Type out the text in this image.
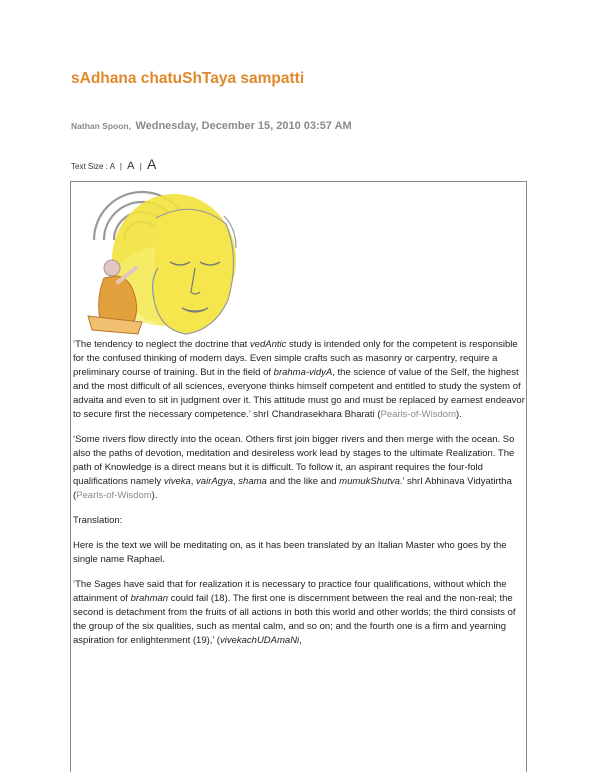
sAdhana chatuShTaya sampatti
Nathan Spoon, Wednesday, December 15, 2010 03:57 AM
Text Size : A | A | A

‘The tendency to neglect the doctrine that vedAntic study is intended only for the competent is responsible for the confused thinking of modern days. Even simple crafts such as masonry or carpentry, require a preliminary course of training. But in the field of brahma-vidyA, the science of value of the Self, the highest and the most difficult of all sciences, everyone thinks himself competent and entitled to study the system of advaita and even to sit in judgment over it. This attitude must go and must be replaced by earnest endeavor to secure first the necessary competence.’ shrI Chandrasekhara Bharati (Pearls-of-Wisdom).

‘Some rivers flow directly into the ocean. Others first join bigger rivers and then merge with the ocean. So also the paths of devotion, meditation and desireless work lead by stages to the ultimate Realization. The path of Knowledge is a direct means but it is difficult. To follow it, an aspirant requires the four-fold qualifications namely viveka, vairAgya, shama and the like and mumukShutva.’ shrI Abhinava Vidyatirtha (Pearls-of-Wisdom).

Translation:

Here is the text we will be meditating on, as it has been translated by an Italian Master who goes by the single name Raphael.

‘The Sages have said that for realization it is necessary to practice four qualifications, without which the attainment of brahman could fail (18). The first one is discernment between the real and the non-real; the second is detachment from the fruits of all actions in both this world and other worlds; the third consists of the group of the six qualities, such as mental calm, and so on; and the fourth one is a firm and yearning aspiration for enlightenment (19),’ (vivekachUDAmaNi,
